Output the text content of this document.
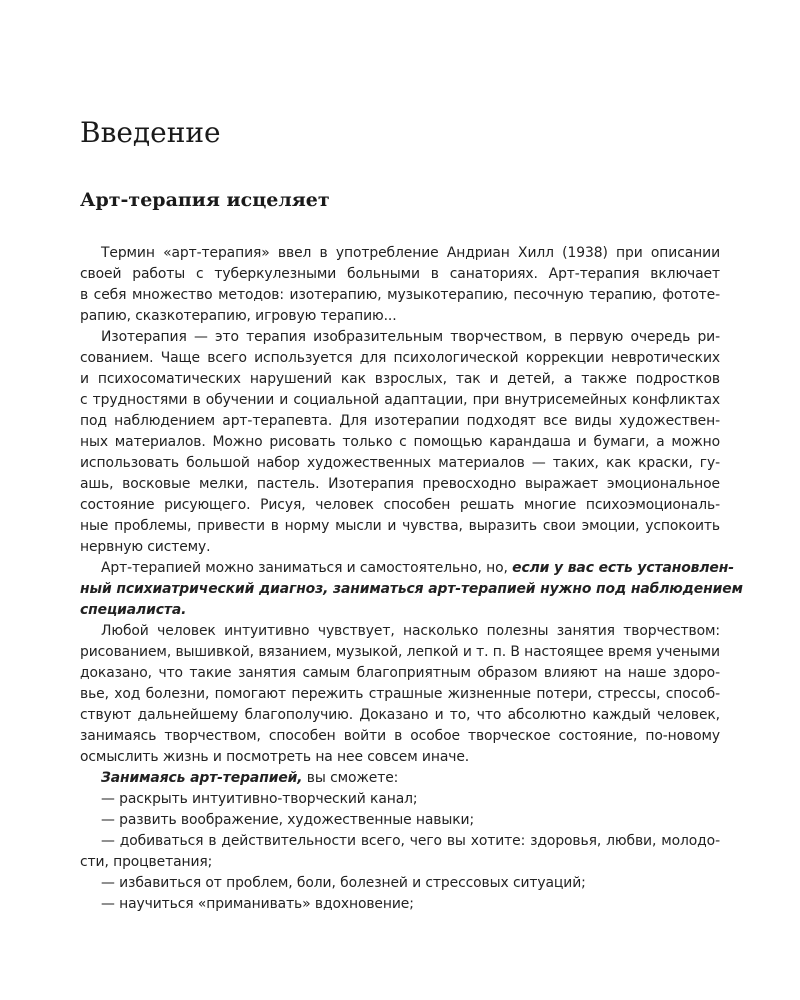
Введение
Арт-терапия исцеляет
Термин «арт-терапия» ввел в употребление Андриан Хилл (1938) при описании
своей работы с туберкулезными больными в санаториях. Арт-терапия включает
в себя множество методов: изотерапию, музыкотерапию, песочную терапию, фототе-
рапию, сказкотерапию, игровую терапию...
Изотерапия — это терапия изобразительным творчеством, в первую очередь ри-
сованием. Чаще всего используется для психологической коррекции невротических
и психосоматических нарушений как взрослых, так и детей, а также подростков
с трудностями в обучении и социальной адаптации, при внутрисемейных конфликтах
под наблюдением арт-терапевта. Для изотерапии подходят все виды художествен-
ных материалов. Можно рисовать только с помощью карандаша и бумаги, а можно
использовать большой набор художественных материалов — таких, как краски, гу-
ашь, восковые мелки, пастель. Изотерапия превосходно выражает эмоциональное
состояние рисующего. Рисуя, человек способен решать многие психоэмоциональ-
ные проблемы, привести в норму мысли и чувства, выразить свои эмоции, успокоить
нервную систему.
Арт-терапией можно заниматься и самостоятельно, но, если у вас есть установлен-
ный психиатрический диагноз, заниматься арт-терапией нужно под наблюдением
специалиста.
Любой человек интуитивно чувствует, насколько полезны занятия творчеством:
рисованием, вышивкой, вязанием, музыкой, лепкой и т. п. В настоящее время учеными
доказано, что такие занятия самым благоприятным образом влияют на наше здоро-
вье, ход болезни, помогают пережить страшные жизненные потери, стрессы, способ-
ствуют дальнейшему благополучию. Доказано и то, что абсолютно каждый человек,
занимаясь творчеством, способен войти в особое творческое состояние, по-новому
осмыслить жизнь и посмотреть на нее совсем иначе.
Занимаясь арт-терапией, вы сможете:
— раскрыть интуитивно-творческий канал;
— развить воображение, художественные навыки;
— добиваться в действительности всего, чего вы хотите: здоровья, любви, молодо-
сти, процветания;
— избавиться от проблем, боли, болезней и стрессовых ситуаций;
— научиться «приманивать» вдохновение;
